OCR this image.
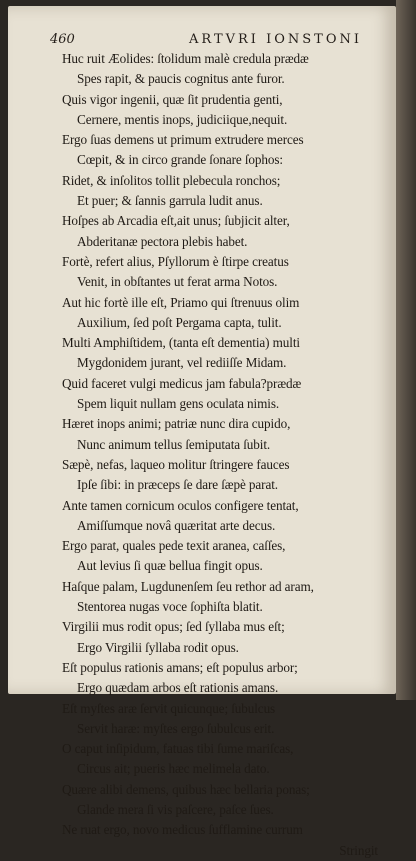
460	ARTVRI IONSTONI
Huc ruit Æolides: ſtolidum malè credula prædæ
Spes rapit, & paucis cognitus ante furor.
Quis vigor ingenii, quæ ſit prudentia genti,
Cernere, mentis inops, judiciique,nequit.
Ergo ſuas demens ut primum extrudere merces
Cœpit, & in circo grande ſonare ſophos:
Ridet, & inſolitos tollit plebecula ronchos;
Et puer; & ſannis garrula ludit anus.
Hoſpes ab Arcadia eſt,ait unus; ſubjicit alter,
Abderitanæ pectora plebis habet.
Fortè, refert alius, Pſyllorum è ſtirpe creatus
Venit, in obſtantes ut ferat arma Notos.
Aut hic fortè ille eſt, Priamo qui ſtrenuus olim
Auxilium, ſed poſt Pergama capta, tulit.
Multi Amphiſtidem, (tanta eſt dementia) multi
Mygdonidem jurant, vel rediiſſe Midam.
Quid faceret vulgi medicus jam fabula?prædæ
Spem liquit nullam gens oculata nimis.
Hæret inops animi; patriæ nunc dira cupido,
Nunc animum tellus ſemiputata ſubit.
Sæpè, nefas, laqueo molitur ſtringere fauces
Ipſe ſibi: in præceps ſe dare ſæpè parat.
Ante tamen cornicum oculos configere tentat,
Amiſſumque novâ quæritat arte decus.
Ergo parat, quales pede texit aranea, caſſes,
Aut levius ſi quæ bellua fingit opus.
Haſque palam, Lugdunenſem ſeu rethor ad aram,
Stentorea nugas voce ſophiſta blatit.
Virgilii mus rodit opus; ſed ſyllaba mus eſt;
Ergo Virgilii ſyllaba rodit opus.
Eſt populus rationis amans; eſt populus arbor;
Ergo quædam arbos eſt rationis amans.
Eſt myſtes aræ ſervit quicunque; ſubulcus
Servit haræ: myſtes ergo ſubulcus erit.
O caput inſipidum, fatuas tibi ſume mariſcas,
Circus ait; pueris hæc melimela dato.
Quære alibi demens, quibus hæc bellaria ponas;
Glande mera ſi vis paſcere, paſce ſues.
Ne ruat ergo, novo medicus ſufflamine currum
Stringit
